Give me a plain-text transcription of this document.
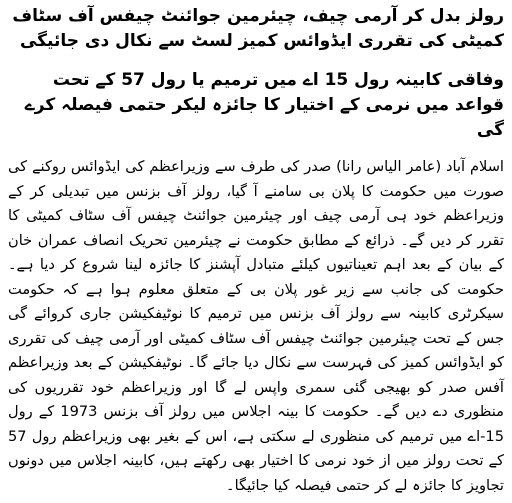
رولز بدل کر آرمی چیف، چیئرمین جوائنٹ چیفس آف سٹاف کمیٹی کی تقرری ایڈوائس کمیز لسٹ سے نکال دی جائیگی

وفاقی کابینہ رول 15 اے میں ترمیم یا رول 57 کے تحت قواعد میں نرمی کے اختیار کا جائزہ لیکر حتمی فیصلہ کرے گی

اسلام آباد (عامر الیاس رانا) صدر کی طرف سے وزیراعظم کی ایڈوائس روکنے کی صورت میں حکومت کا پلان بی سامنے آ گیا، رولز آف بزنس میں تبدیلی کر کے وزیراعظم خود ہی آرمی چیف اور چیئرمین جوائنٹ چیفس آف سٹاف کمیٹی کا تقرر کر دیں گے۔ ذرائع کے مطابق حکومت نے چیئرمین تحریک انصاف عمران خان کے بیان کے بعد اہم تعیناتیوں کیلئے متبادل آپشنز کا جائزہ لینا شروع کر دیا ہے۔ حکومت کی جانب سے زیر غور پلان بی کے متعلق معلوم ہوا ہے کہ حکومت سیکرٹری کابینہ سے رولز آف بزنس میں ترمیم کا نوٹیفکیشن جاری کروائے گی جس کے تحت چیئرمین جوائنٹ چیفس آف سٹاف کمیٹی اور آرمی چیف کی تقرری کو ایڈوائس کمیز کی فہرست سے نکال دیا جائے گا۔ نوٹیفکیشن کے بعد وزیراعظم آفس صدر کو بھیجی گئی سمری واپس لے گا اور وزیراعظم خود تقرریوں کی منظوری دے دیں گے۔ حکومت کا بینہ اجلاس میں رولز آف بزنس 1973 کے رول 15-اے میں ترمیم کی منظوری لے سکتی ہے، اس کے بغیر بھی وزیراعظم رول 57 کے تحت رولز میں از خود نرمی کا اختیار بھی رکھتے ہیں، کابینہ اجلاس میں دونوں تجاویز کا جائزہ لے کر حتمی فیصلہ کیا جائیگا۔
